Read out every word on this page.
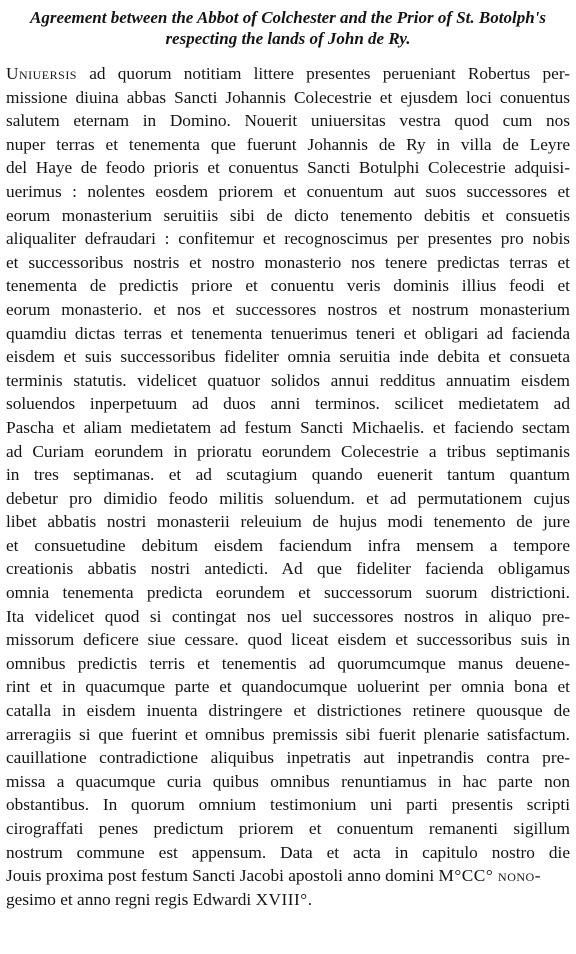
Agreement between the Abbot of Colchester and the Prior of St. Botolph's
respecting the lands of John de Ry.
Uniuersis ad quorum notitiam littere presentes perueniant Robertus per-
missione diuina abbas Sancti Johannis Colecestrie et ejusdem loci conuentus
salutem eternam in Domino. Nouerit uniuersitas vestra quod cum nos
nuper terras et tenementa que fuerunt Johannis de Ry in villa de Leyre
del Haye de feodo prioris et conuentus Sancti Botulphi Colecestrie adquisi-
uerimus : nolentes eosdem priorem et conuentum aut suos successores et
eorum monasterium seruitiis sibi de dicto tenemento debitis et consuetis
aliqualiter defraudari : confitemur et recognoscimus per presentes pro nobis
et successoribus nostris et nostro monasterio nos tenere predictas terras et
tenementa de predictis priore et conuentu veris dominis illius feodi et
eorum monasterio. et nos et successores nostros et nostrum monasterium
quamdiu dictas terras et tenementa tenuerimus teneri et obligari ad facienda
eisdem et suis successoribus fideliter omnia seruitia inde debita et consueta
terminis statutis. videlicet quatuor solidos annui redditus annuatim eisdem
soluendos inperpetuum ad duos anni terminos. scilicet medietatem ad
Pascha et aliam medietatem ad festum Sancti Michaelis. et faciendo sectam
ad Curiam eorundem in prioratu eorundem Colecestrie a tribus septimanis
in tres septimanas. et ad scutagium quando euenerit tantum quantum
debetur pro dimidio feodo militis soluendum. et ad permutationem cujus
libet abbatis nostri monasterii releuium de hujus modi tenemento de jure
et consuetudine debitum eisdem faciendum infra mensem a tempore
creationis abbatis nostri antedicti. Ad que fideliter facienda obligamus
omnia tenementa predicta eorundem et successorum suorum districtioni.
Ita videlicet quod si contingat nos uel successores nostros in aliquo pre-
missorum deficere siue cessare. quod liceat eisdem et successoribus suis in
omnibus predictis terris et tenementis ad quorumcumque manus deuene-
rint et in quacumque parte et quandocumque uoluerint per omnia bona et
catalla in eisdem inuenta distringere et districtiones retinere quousque de
arreragiis si que fuerint et omnibus premissis sibi fuerit plenarie satisfactum.
cauillatione contradictione aliquibus inpetratis aut inpetrandis contra pre-
missa a quacumque curia quibus omnibus renuntiamus in hac parte non
obstantibus. In quorum omnium testimonium uni parti presentis scripti
cirograffati penes predictum priorem et conuentum remanenti sigillum
nostrum commune est appensum. Data et acta in capitulo nostro die
Jouis proxima post festum Sancti Jacobi apostoli anno domini M°CC° nono-
gesimo et anno regni regis Edwardi XVIII°.
